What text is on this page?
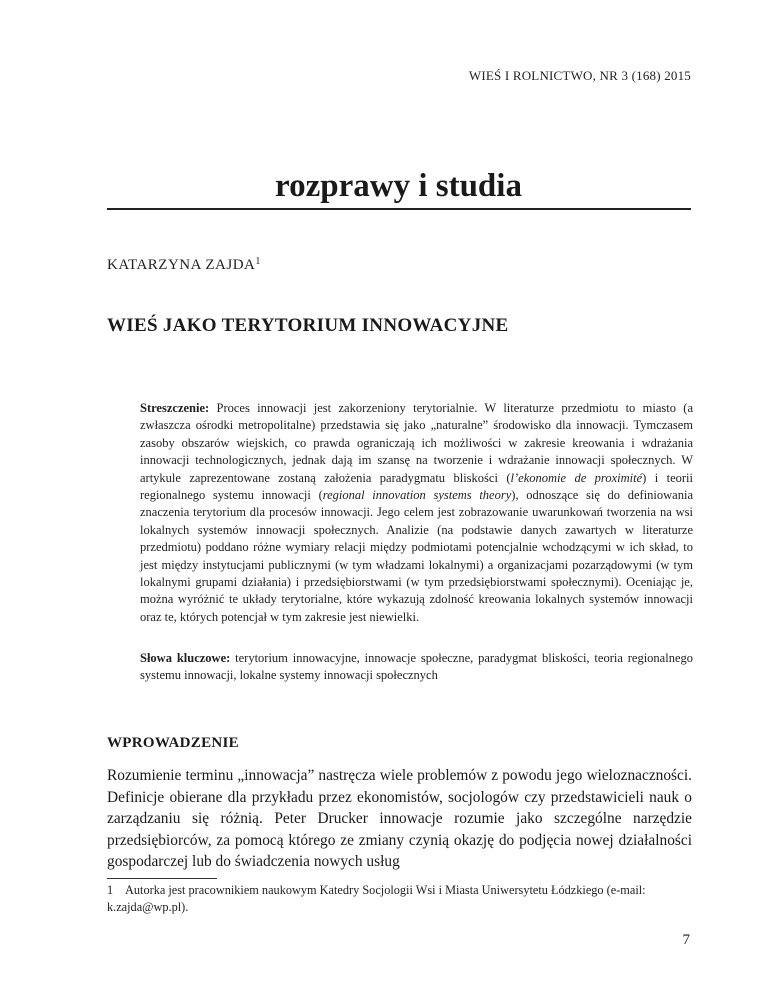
WIEŚ I ROLNICTWO, NR 3 (168) 2015
rozprawy i studia
KATARZYNA ZAJDA$^1$
WIEŚ JAKO TERYTORIUM INNOWACYJNE
Streszczenie: Proces innowacji jest zakorzeniony terytorialnie. W literaturze przedmiotu to miasto (a zwłaszcza ośrodki metropolitalne) przedstawia się jako „naturalne” środowisko dla innowacji. Tymczasem zasoby obszarów wiejskich, co prawda ograniczają ich możliwości w zakresie kreowania i wdrażania innowacji technologicznych, jednak dają im szansę na tworzenie i wdrażanie innowacji społecznych. W artykule zaprezentowane zostaną założenia paradygmatu bliskości (l’ekonomie de proximité) i teorii regionalnego systemu innowacji (regional innovation systems theory), odnoszące się do definiowania znaczenia terytorium dla procesów innowacji. Jego celem jest zobrazowanie uwarunkowań tworzenia na wsi lokalnych systemów innowacji społecznych. Analizie (na podstawie danych zawartych w literaturze przedmiotu) poddano różne wymiary relacji między podmiotami potencjalnie wchodzącymi w ich skład, to jest między instytucjami publicznymi (w tym władzami lokalnymi) a organizacjami pozarządowymi (w tym lokalnymi grupami działania) i przedsiębiorstwami (w tym przedsiębiorstwami społecznymi). Oceniając je, można wyróżnić te układy terytorialne, które wykazują zdolność kreowania lokalnych systemów innowacji oraz te, których potencjał w tym zakresie jest niewielki.
Słowa kluczowe: terytorium innowacyjne, innowacje społeczne, paradygmat bliskości, teoria regionalnego systemu innowacji, lokalne systemy innowacji społecznych
WPROWADZENIE
Rozumienie terminu „innowacja” nastręcza wiele problemów z powodu jego wieloznaczności. Definicje obierane dla przykładu przez ekonomistów, socjologów czy przedstawicieli nauk o zarządzaniu się różnią. Peter Drucker innowacje rozumie jako szczególne narzędzie przedsiębiorców, za pomocą którego ze zmiany czynią okazję do podjęcia nowej działalności gospodarczej lub do świadczenia nowych usług
1 Autorka jest pracownikiem naukowym Katedry Socjologii Wsi i Miasta Uniwersytetu Łódzkiego (e-mail: k.zajda@wp.pl).
7
